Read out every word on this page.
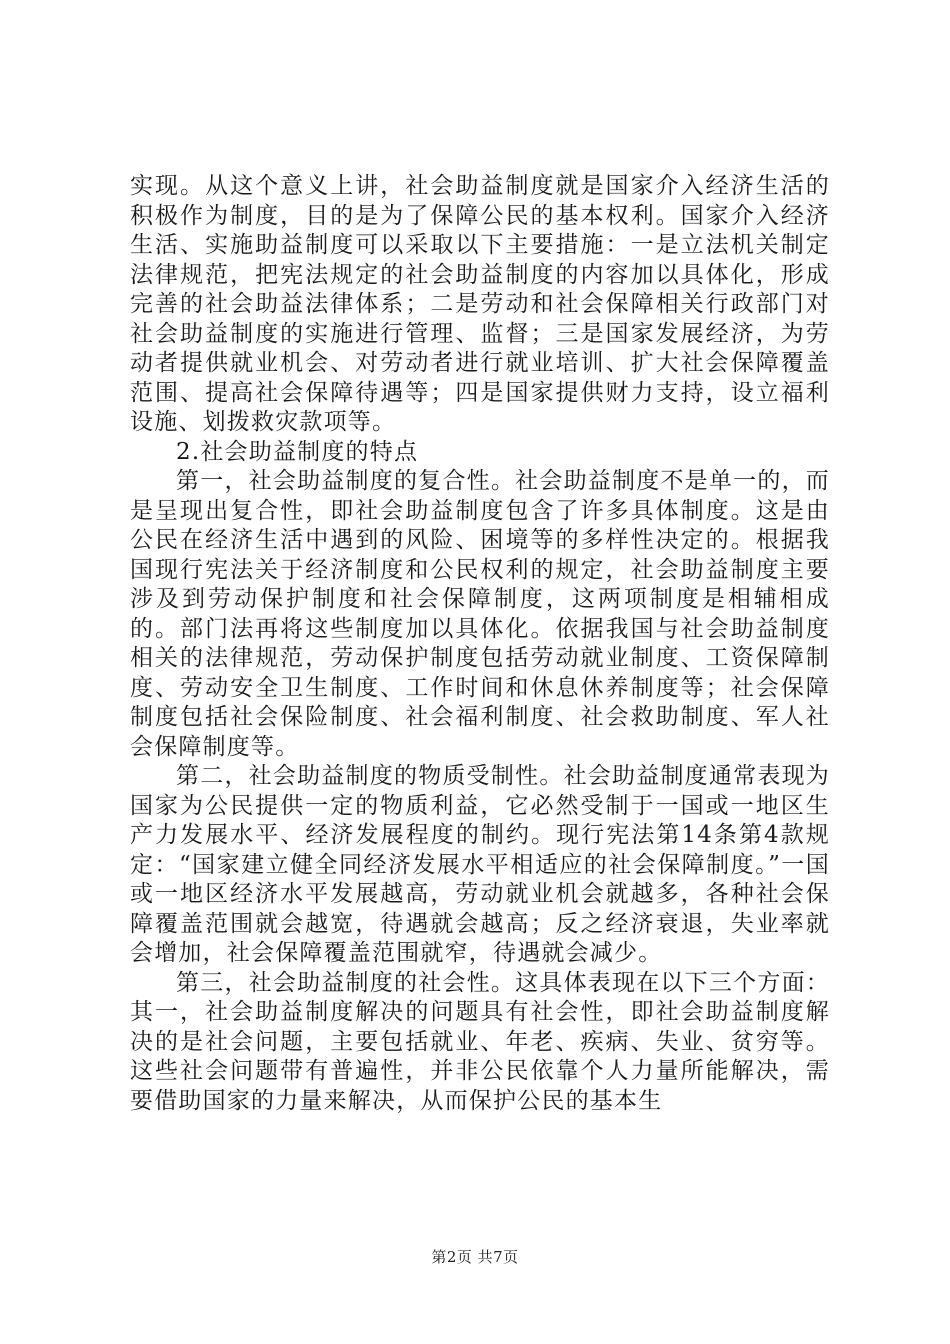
实现。从这个意义上讲，社会助益制度就是国家介入经济生活的积极作为制度，目的是为了保障公民的基本权利。国家介入经济生活、实施助益制度可以采取以下主要措施：一是立法机关制定法律规范，把宪法规定的社会助益制度的内容加以具体化，形成完善的社会助益法律体系；二是劳动和社会保障相关行政部门对社会助益制度的实施进行管理、监督；三是国家发展经济，为劳动者提供就业机会、对劳动者进行就业培训、扩大社会保障覆盖范围、提高社会保障待遇等；四是国家提供财力支持，设立福利设施、划拨救灾款项等。

2.社会助益制度的特点

第一，社会助益制度的复合性。社会助益制度不是单一的，而是呈现出复合性，即社会助益制度包含了许多具体制度。这是由公民在经济生活中遇到的风险、困境等的多样性决定的。根据我国现行宪法关于经济制度和公民权利的规定，社会助益制度主要涉及到劳动保护制度和社会保障制度，这两项制度是相辅相成的。部门法再将这些制度加以具体化。依据我国与社会助益制度相关的法律规范，劳动保护制度包括劳动就业制度、工资保障制度、劳动安全卫生制度、工作时间和休息休养制度等；社会保障制度包括社会保险制度、社会福利制度、社会救助制度、军人社会保障制度等。

第二，社会助益制度的物质受制性。社会助益制度通常表现为国家为公民提供一定的物质利益，它必然受制于一国或一地区生产力发展水平、经济发展程度的制约。现行宪法第14条第4款规定：“国家建立健全同经济发展水平相适应的社会保障制度。”一国或一地区经济水平发展越高，劳动就业机会就越多，各种社会保障覆盖范围就会越宽，待遇就会越高；反之经济衰退，失业率就会增加，社会保障覆盖范围就窄，待遇就会减少。

第三，社会助益制度的社会性。这具体表现在以下三个方面：其一，社会助益制度解决的问题具有社会性，即社会助益制度解决的是社会问题，主要包括就业、年老、疾病、失业、贫穷等。这些社会问题带有普遍性，并非公民依靠个人力量所能解决，需要借助国家的力量来解决，从而保护公民的基本生

第2页 共7页
